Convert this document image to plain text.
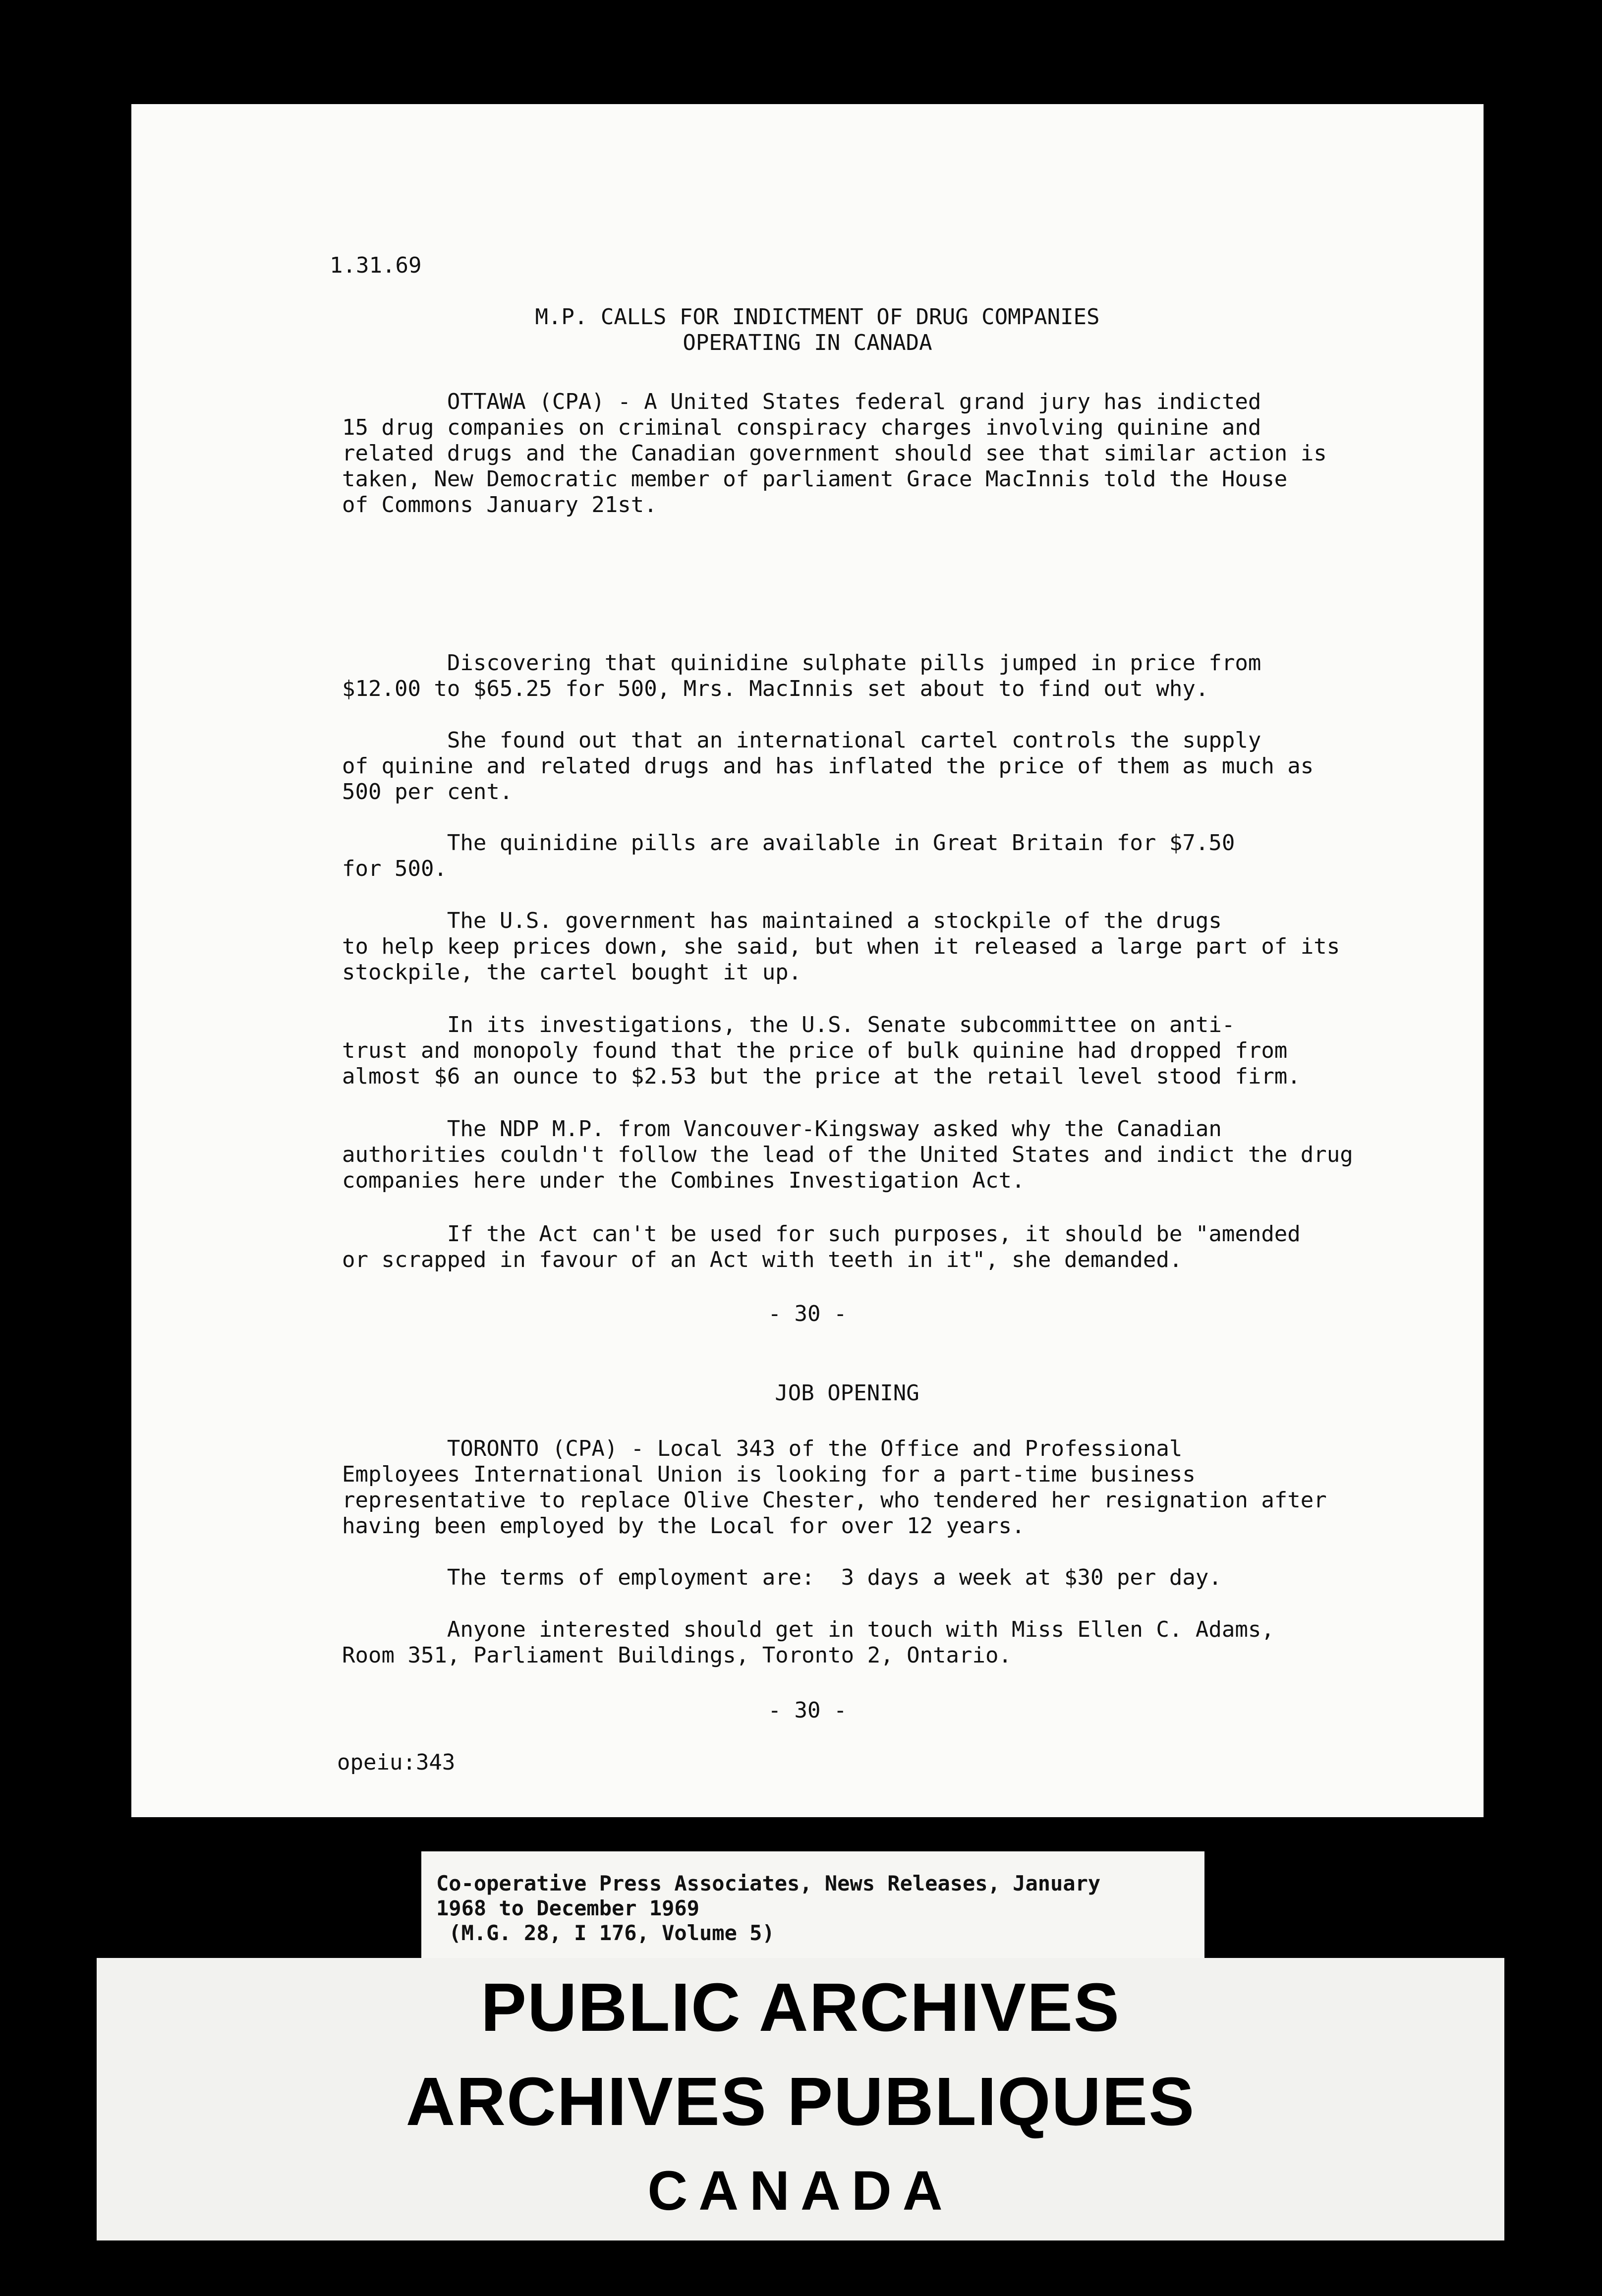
1.31.69
M.P. CALLS FOR INDICTMENT OF DRUG COMPANIES
OPERATING IN CANADA
OTTAWA (CPA) - A United States federal grand jury has indicted
15 drug companies on criminal conspiracy charges involving quinine and
related drugs and the Canadian government should see that similar action is
taken, New Democratic member of parliament Grace MacInnis told the House
of Commons January 21st.
Discovering that quinidine sulphate pills jumped in price from
$12.00 to $65.25 for 500, Mrs. MacInnis set about to find out why.
She found out that an international cartel controls the supply
of quinine and related drugs and has inflated the price of them as much as
500 per cent.
The quinidine pills are available in Great Britain for $7.50
for 500.
The U.S. government has maintained a stockpile of the drugs
to help keep prices down, she said, but when it released a large part of its
stockpile, the cartel bought it up.
In its investigations, the U.S. Senate subcommittee on anti-
trust and monopoly found that the price of bulk quinine had dropped from
almost $6 an ounce to $2.53 but the price at the retail level stood firm.
The NDP M.P. from Vancouver-Kingsway asked why the Canadian
authorities couldn't follow the lead of the United States and indict the drug
companies here under the Combines Investigation Act.
If the Act can't be used for such purposes, it should be "amended
or scrapped in favour of an Act with teeth in it", she demanded.
- 30 -
JOB OPENING
TORONTO (CPA) - Local 343 of the Office and Professional
Employees International Union is looking for a part-time business
representative to replace Olive Chester, who tendered her resignation after
having been employed by the Local for over 12 years.
The terms of employment are:  3 days a week at $30 per day.
Anyone interested should get in touch with Miss Ellen C. Adams,
Room 351, Parliament Buildings, Toronto 2, Ontario.
- 30 -
opeiu:343
Co-operative Press Associates, News Releases, January
1968 to December 1969
(M.G. 28, I 176, Volume 5)
PUBLIC ARCHIVES
ARCHIVES PUBLIQUES
CANADA
